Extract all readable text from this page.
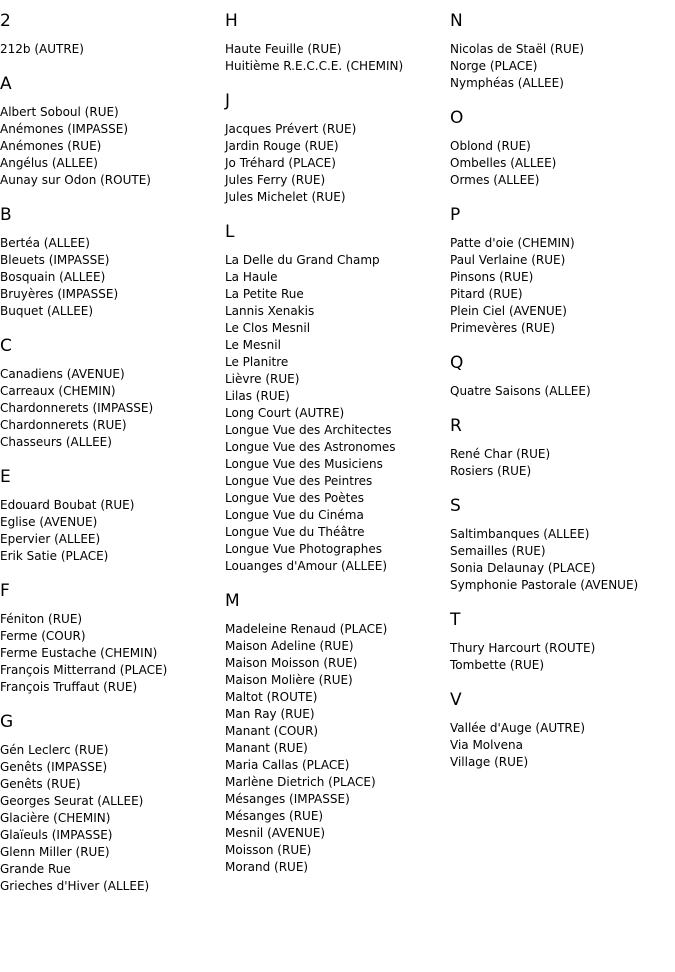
2
212b (AUTRE)
A
Albert Soboul (RUE)
Anémones (IMPASSE)
Anémones (RUE)
Angélus (ALLEE)
Aunay sur Odon (ROUTE)
B
Bertéa (ALLEE)
Bleuets (IMPASSE)
Bosquain (ALLEE)
Bruyères (IMPASSE)
Buquet (ALLEE)
C
Canadiens (AVENUE)
Carreaux (CHEMIN)
Chardonnerets (IMPASSE)
Chardonnerets (RUE)
Chasseurs (ALLEE)
E
Edouard Boubat (RUE)
Eglise (AVENUE)
Epervier (ALLEE)
Erik Satie (PLACE)
F
Féniton (RUE)
Ferme (COUR)
Ferme Eustache (CHEMIN)
François Mitterrand (PLACE)
François Truffaut (RUE)
G
Gén Leclerc (RUE)
Genêts (IMPASSE)
Genêts (RUE)
Georges Seurat (ALLEE)
Glacière (CHEMIN)
Glaïeuls (IMPASSE)
Glenn Miller (RUE)
Grande Rue
Grieches d'Hiver (ALLEE)
H
Haute Feuille (RUE)
Huitième R.E.C.C.E. (CHEMIN)
J
Jacques Prévert (RUE)
Jardin Rouge (RUE)
Jo Tréhard (PLACE)
Jules Ferry (RUE)
Jules Michelet (RUE)
L
La Delle du Grand Champ
La Haule
La Petite Rue
Lannis Xenakis
Le Clos Mesnil
Le Mesnil
Le Planitre
Lièvre (RUE)
Lilas (RUE)
Long Court (AUTRE)
Longue Vue des Architectes
Longue Vue des Astronomes
Longue Vue des Musiciens
Longue Vue des Peintres
Longue Vue des Poètes
Longue Vue du Cinéma
Longue Vue du Théâtre
Longue Vue Photographes
Louanges d'Amour (ALLEE)
M
Madeleine Renaud (PLACE)
Maison Adeline (RUE)
Maison Moisson (RUE)
Maison Molière (RUE)
Maltot (ROUTE)
Man Ray (RUE)
Manant (COUR)
Manant (RUE)
Maria Callas (PLACE)
Marlène Dietrich (PLACE)
Mésanges (IMPASSE)
Mésanges (RUE)
Mesnil (AVENUE)
Moisson (RUE)
Morand (RUE)
N
Nicolas de Staël (RUE)
Norge (PLACE)
Nymphéas (ALLEE)
O
Oblond (RUE)
Ombelles (ALLEE)
Ormes (ALLEE)
P
Patte d'oie (CHEMIN)
Paul Verlaine (RUE)
Pinsons (RUE)
Pitard (RUE)
Plein Ciel (AVENUE)
Primevères (RUE)
Q
Quatre Saisons (ALLEE)
R
René Char (RUE)
Rosiers (RUE)
S
Saltimbanques (ALLEE)
Semailles (RUE)
Sonia Delaunay (PLACE)
Symphonie Pastorale (AVENUE)
T
Thury Harcourt (ROUTE)
Tombette (RUE)
V
Vallée d'Auge (AUTRE)
Via Molvena
Village (RUE)
